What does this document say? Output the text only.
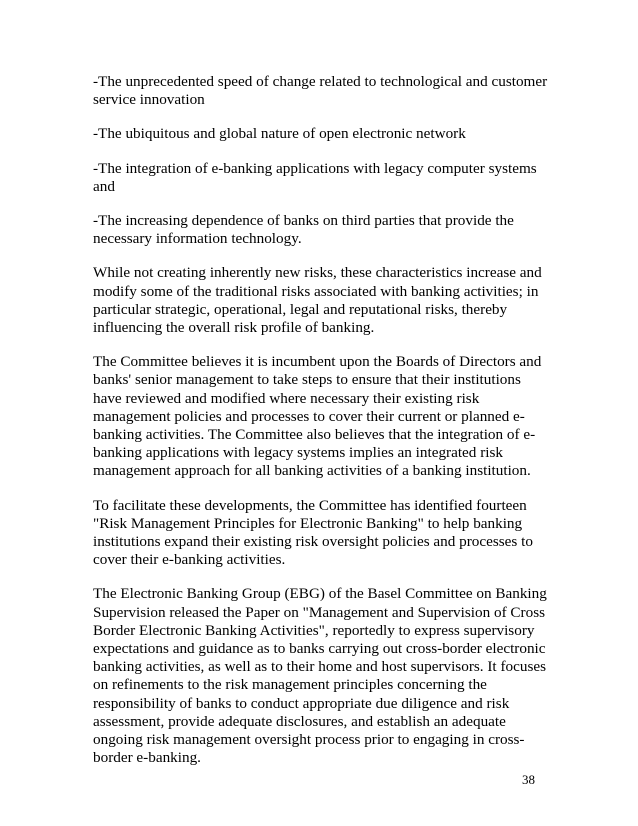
-The unprecedented speed of change related to technological and customer service innovation

-The ubiquitous and global nature of open electronic network

-The integration of e-banking applications with legacy computer systems and

-The increasing dependence of banks on third parties that provide the necessary information technology.

While not creating inherently new risks, these characteristics increase and modify some of the traditional risks associated with banking activities; in particular strategic, operational, legal and reputational risks, thereby influencing the overall risk profile of banking.

The Committee believes it is incumbent upon the Boards of Directors and banks' senior management to take steps to ensure that their institutions have reviewed and modified where necessary their existing risk management policies and processes to cover their current or planned e-banking activities. The Committee also believes that the integration of e-banking applications with legacy systems implies an integrated risk management approach for all banking activities of a banking institution.

To facilitate these developments, the Committee has identified fourteen "Risk Management Principles for Electronic Banking" to help banking institutions expand their existing risk oversight policies and processes to cover their e-banking activities.

The Electronic Banking Group (EBG) of the Basel Committee on Banking Supervision released the Paper on "Management and Supervision of Cross Border Electronic Banking Activities", reportedly to express supervisory expectations and guidance as to banks carrying out cross-border electronic banking activities, as well as to their home and host supervisors. It focuses on refinements to the risk management principles concerning the responsibility of banks to conduct appropriate due diligence and risk assessment, provide adequate disclosures, and establish an adequate ongoing risk management oversight process prior to engaging in cross-border e-banking.

38
